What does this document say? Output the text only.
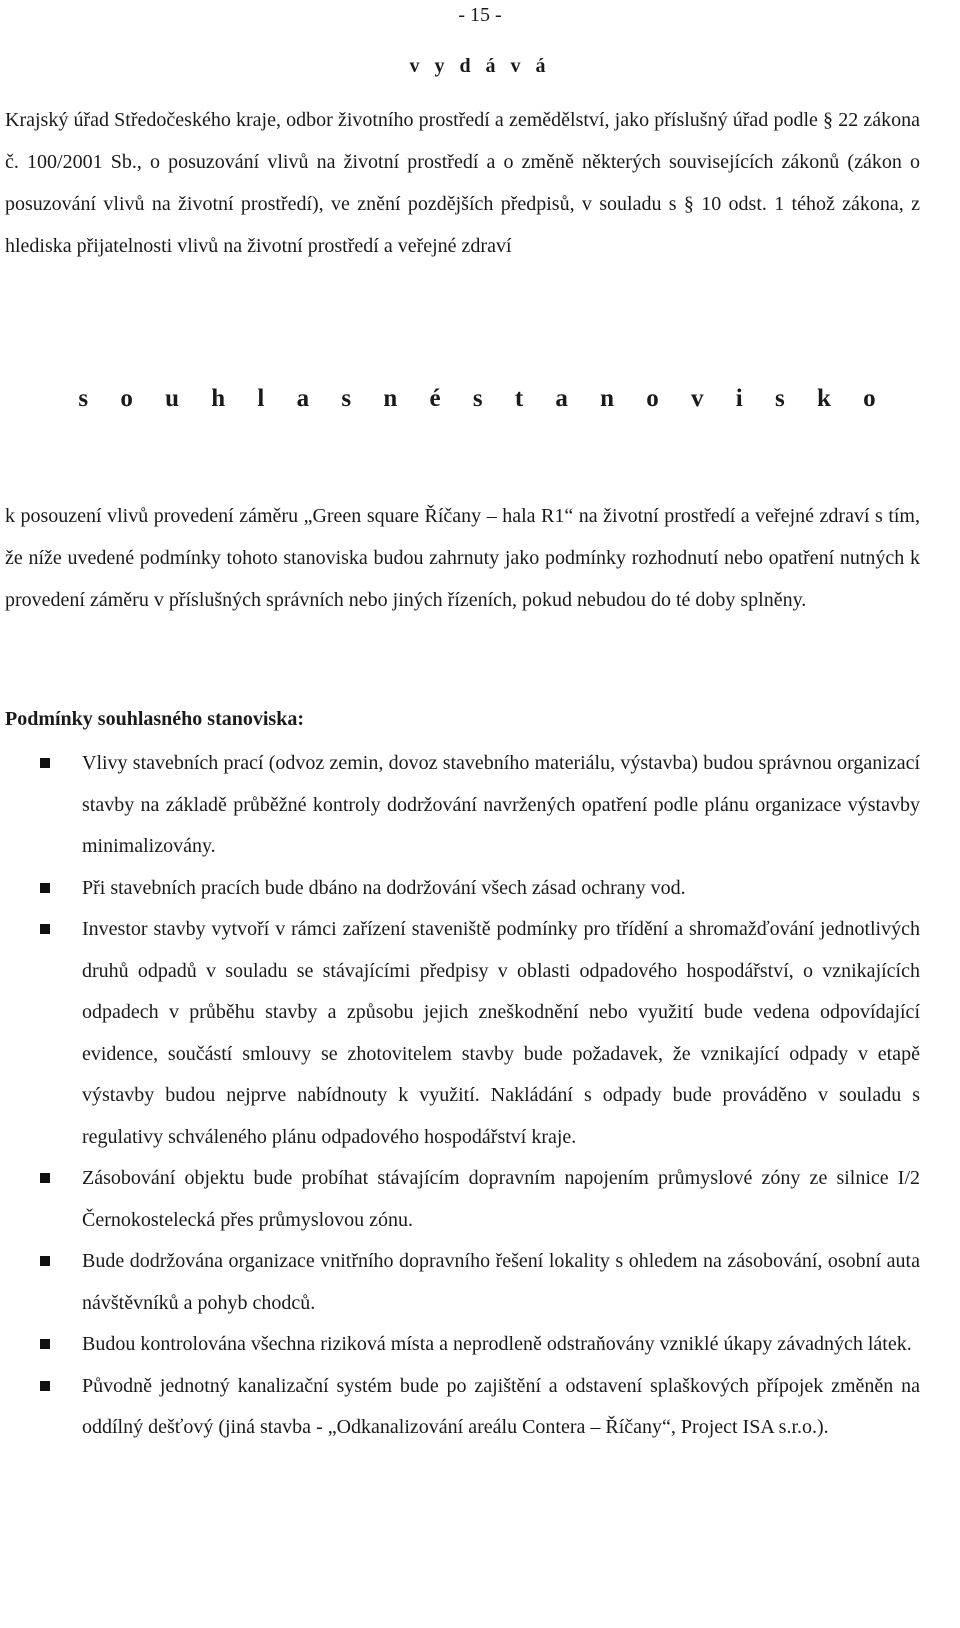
- 15 -
v y d á v á

Krajský úřad Středočeského kraje, odbor životního prostředí a zemědělství, jako příslušný úřad podle § 22 zákona č. 100/2001 Sb., o posuzování vlivů na životní prostředí a o změně některých souvisejících zákonů (zákon o posuzování vlivů na životní prostředí), ve znění pozdějších předpisů, v souladu s § 10 odst. 1 téhož zákona, z hlediska přijatelnosti vlivů na životní prostředí a veřejné zdraví

s o u h l a s n é s t a n o v i s k o

k posouzení vlivů provedení záměru „Green square Říčany – hala R1“ na životní prostředí a veřejné zdraví s tím, že níže uvedené podmínky tohoto stanoviska budou zahrnuty jako podmínky rozhodnutí nebo opatření nutných k provedení záměru v příslušných správních nebo jiných řízeních, pokud nebudou do té doby splněny.

Podmínky souhlasného stanoviska:
Vlivy stavebních prací (odvoz zemin, dovoz stavebního materiálu, výstavba) budou správnou organizací stavby na základě průběžné kontroly dodržování navržených opatření podle plánu organizace výstavby minimalizovány.
Při stavebních pracích bude dbáno na dodržování všech zásad ochrany vod.
Investor stavby vytvoří v rámci zařízení staveniště podmínky pro třídění a shromažďování jednotlivých druhů odpadů v souladu se stávajícími předpisy v oblasti odpadového hospodářství, o vznikajících odpadech v průběhu stavby a způsobu jejich zneškodnění nebo využití bude vedena odpovídající evidence, součástí smlouvy se zhotovitelem stavby bude požadavek, že vznikající odpady v etapě výstavby budou nejprve nabídnouty k využití. Nakládání s odpady bude prováděno v souladu s regulativy schváleného plánu odpadového hospodářství kraje.
Zásobování objektu bude probíhat stávajícím dopravním napojením průmyslové zóny ze silnice I/2 Černokostelecká přes průmyslovou zónu.
Bude dodržována organizace vnitřního dopravního řešení lokality s ohledem na zásobování, osobní auta návštěvníků a pohyb chodců.
Budou kontrolována všechna riziková místa a neprodleně odstraňovány vzniklé úkapy závadných látek.
Původně jednotný kanalizační systém bude po zajištění a odstavení splaškových přípojek změněn na oddílný dešťový (jiná stavba - „Odkanalizování areálu Contera – Říčany“, Project ISA s.r.o.).
